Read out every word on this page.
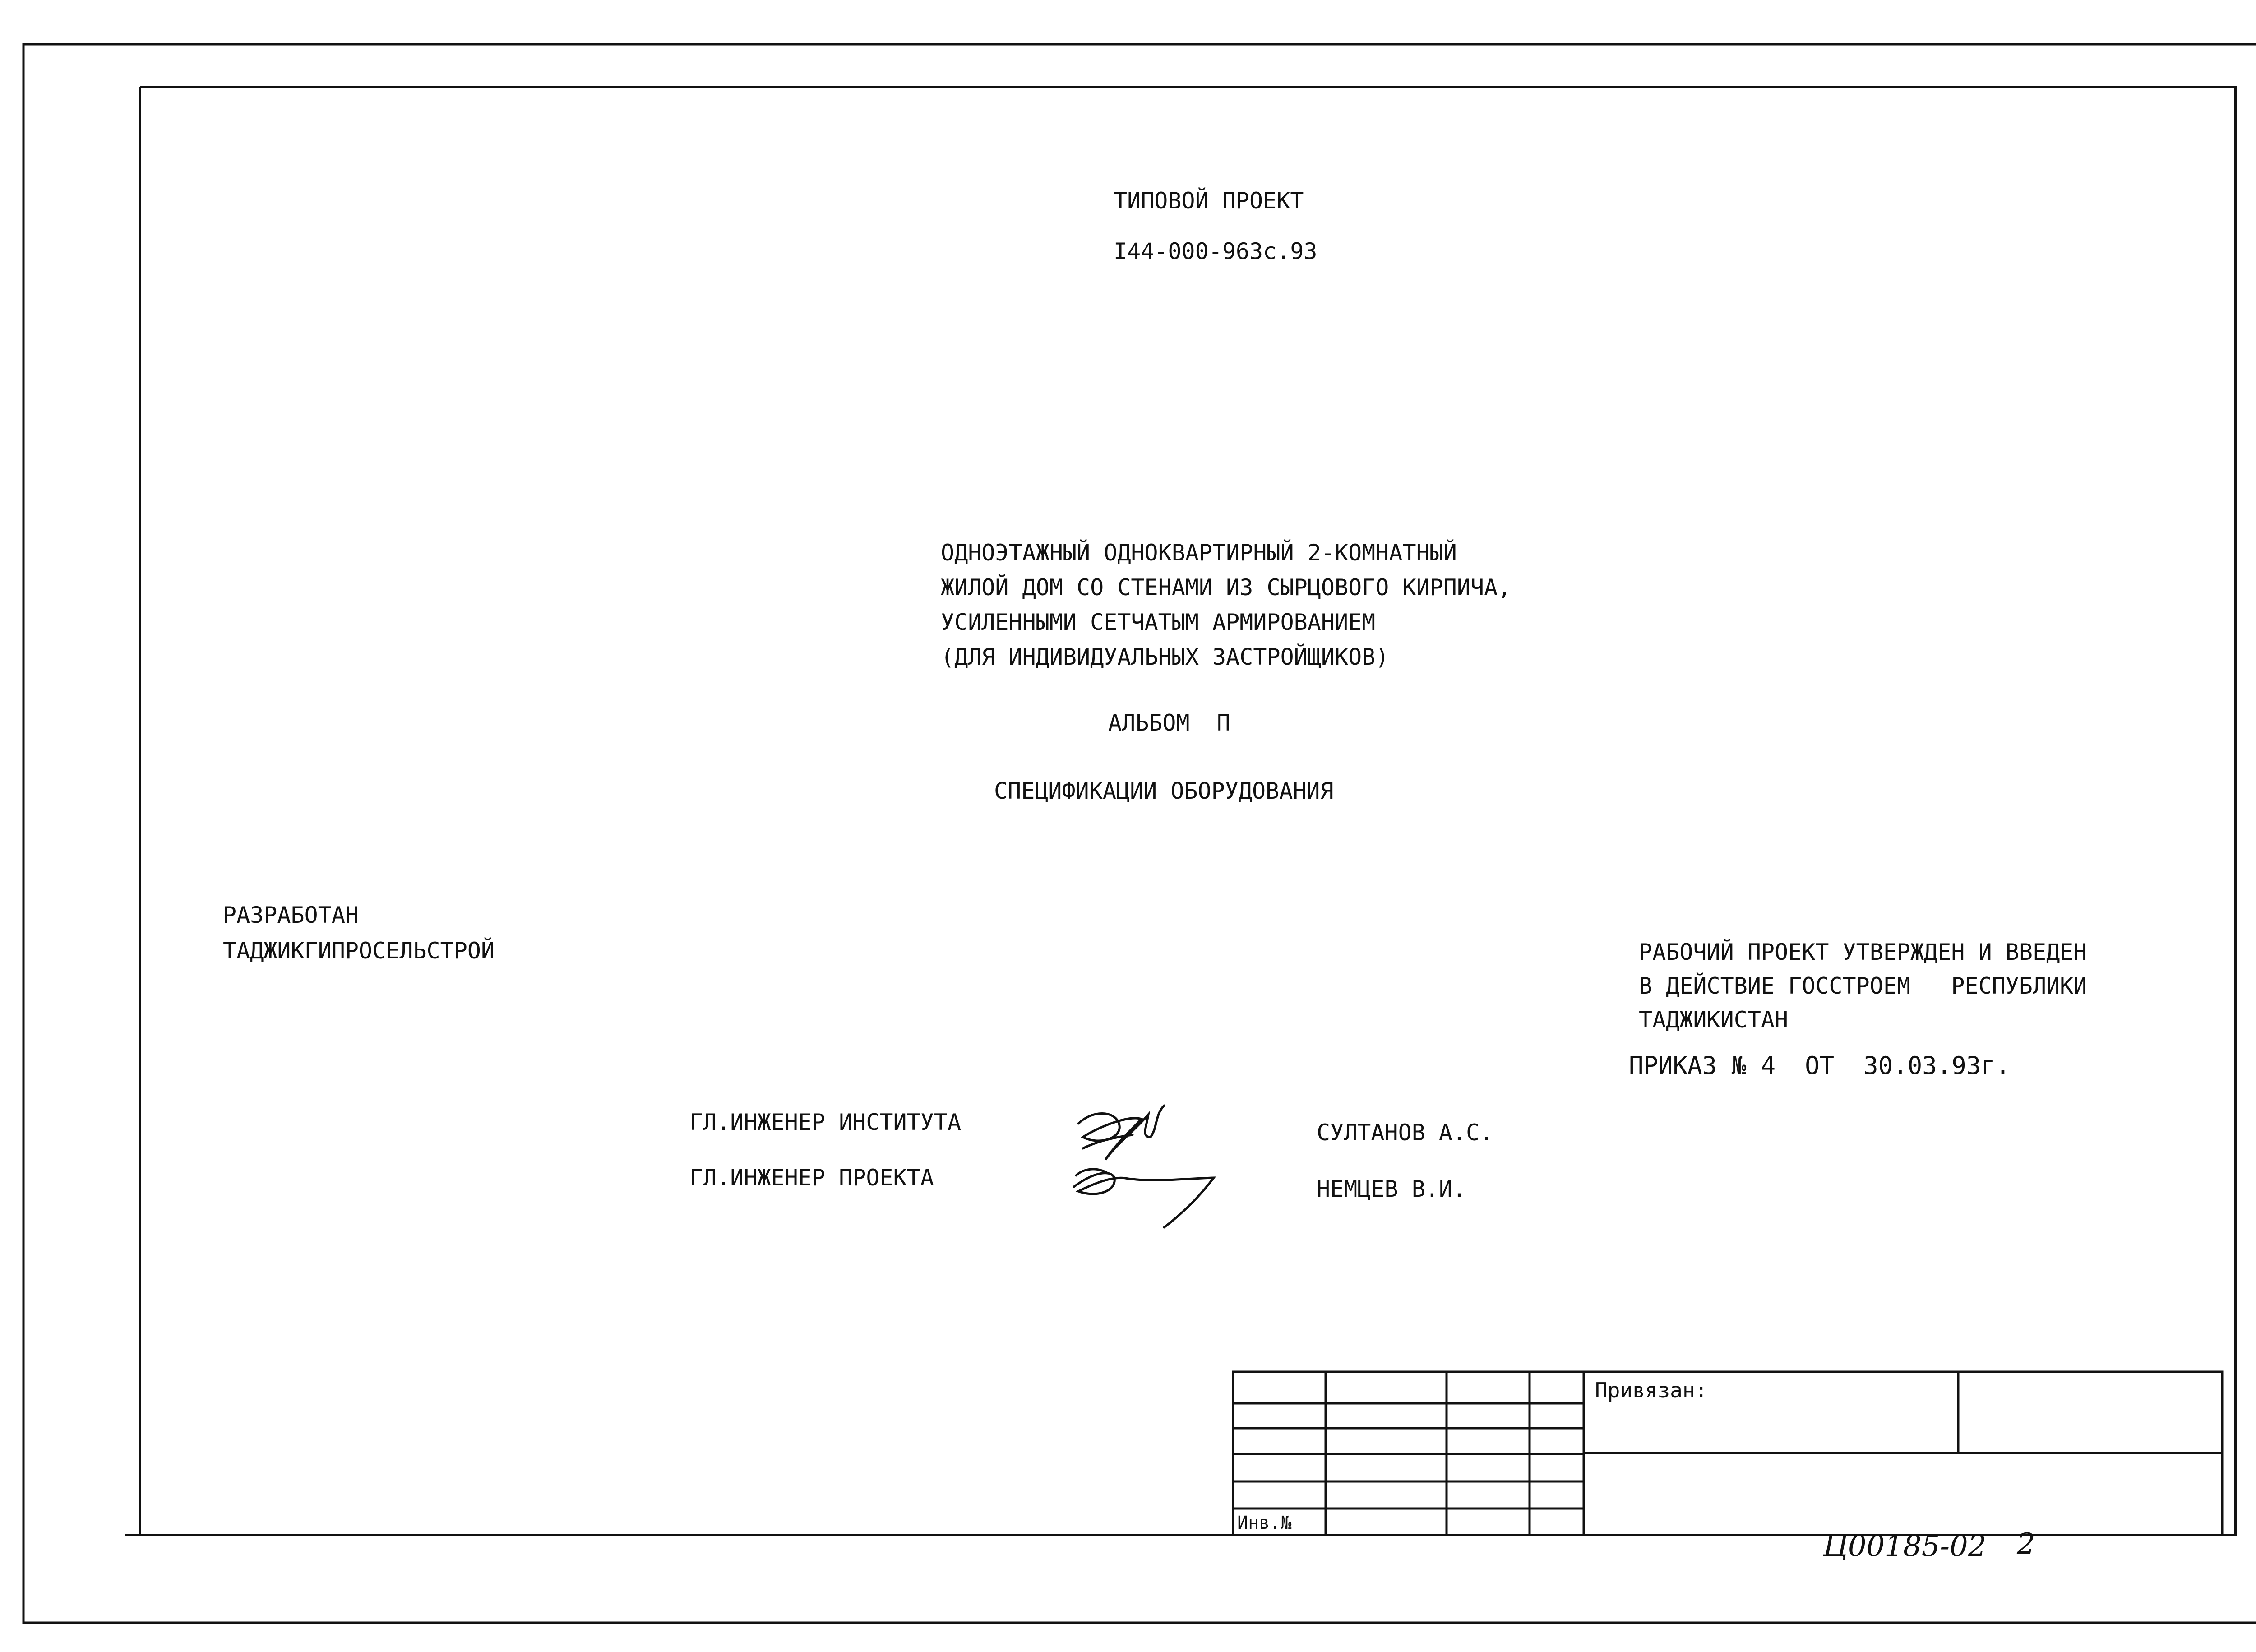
ТИПОВОЙ ПРОЕКТ
I44-000-963с.93
ОДНОЭТАЖНЫЙ ОДНОКВАРТИРНЫЙ 2-КОМНАТНЫЙ
ЖИЛОЙ ДОМ СО СТЕНАМИ ИЗ СЫРЦОВОГО КИРПИЧА,
УСИЛЕННЫМИ СЕТЧАТЫМ АРМИРОВАНИЕМ
(ДЛЯ ИНДИВИДУАЛЬНЫХ ЗАСТРОЙЩИКОВ)
АЛЬБОМ  П
СПЕЦИФИКАЦИИ ОБОРУДОВАНИЯ
РАЗРАБОТАН
ТАДЖИКГИПРОСЕЛЬСТРОЙ	РАБОЧИЙ ПРОЕКТ УТВЕРЖДЕН И ВВЕДЕН
В ДЕЙСТВИЕ ГОССТРОЕМ   РЕСПУБЛИКИ
ТАДЖИКИСТАН
ПРИКАЗ № 4  ОТ  30.03.93г.
ГЛ.ИНЖЕНЕР ИНСТИТУТА	СУЛТАНОВ А.С.
ГЛ.ИНЖЕНЕР ПРОЕКТА	НЕМЦЕВ В.И.
Привязан:
Инв.№
Ц00185-02 2
